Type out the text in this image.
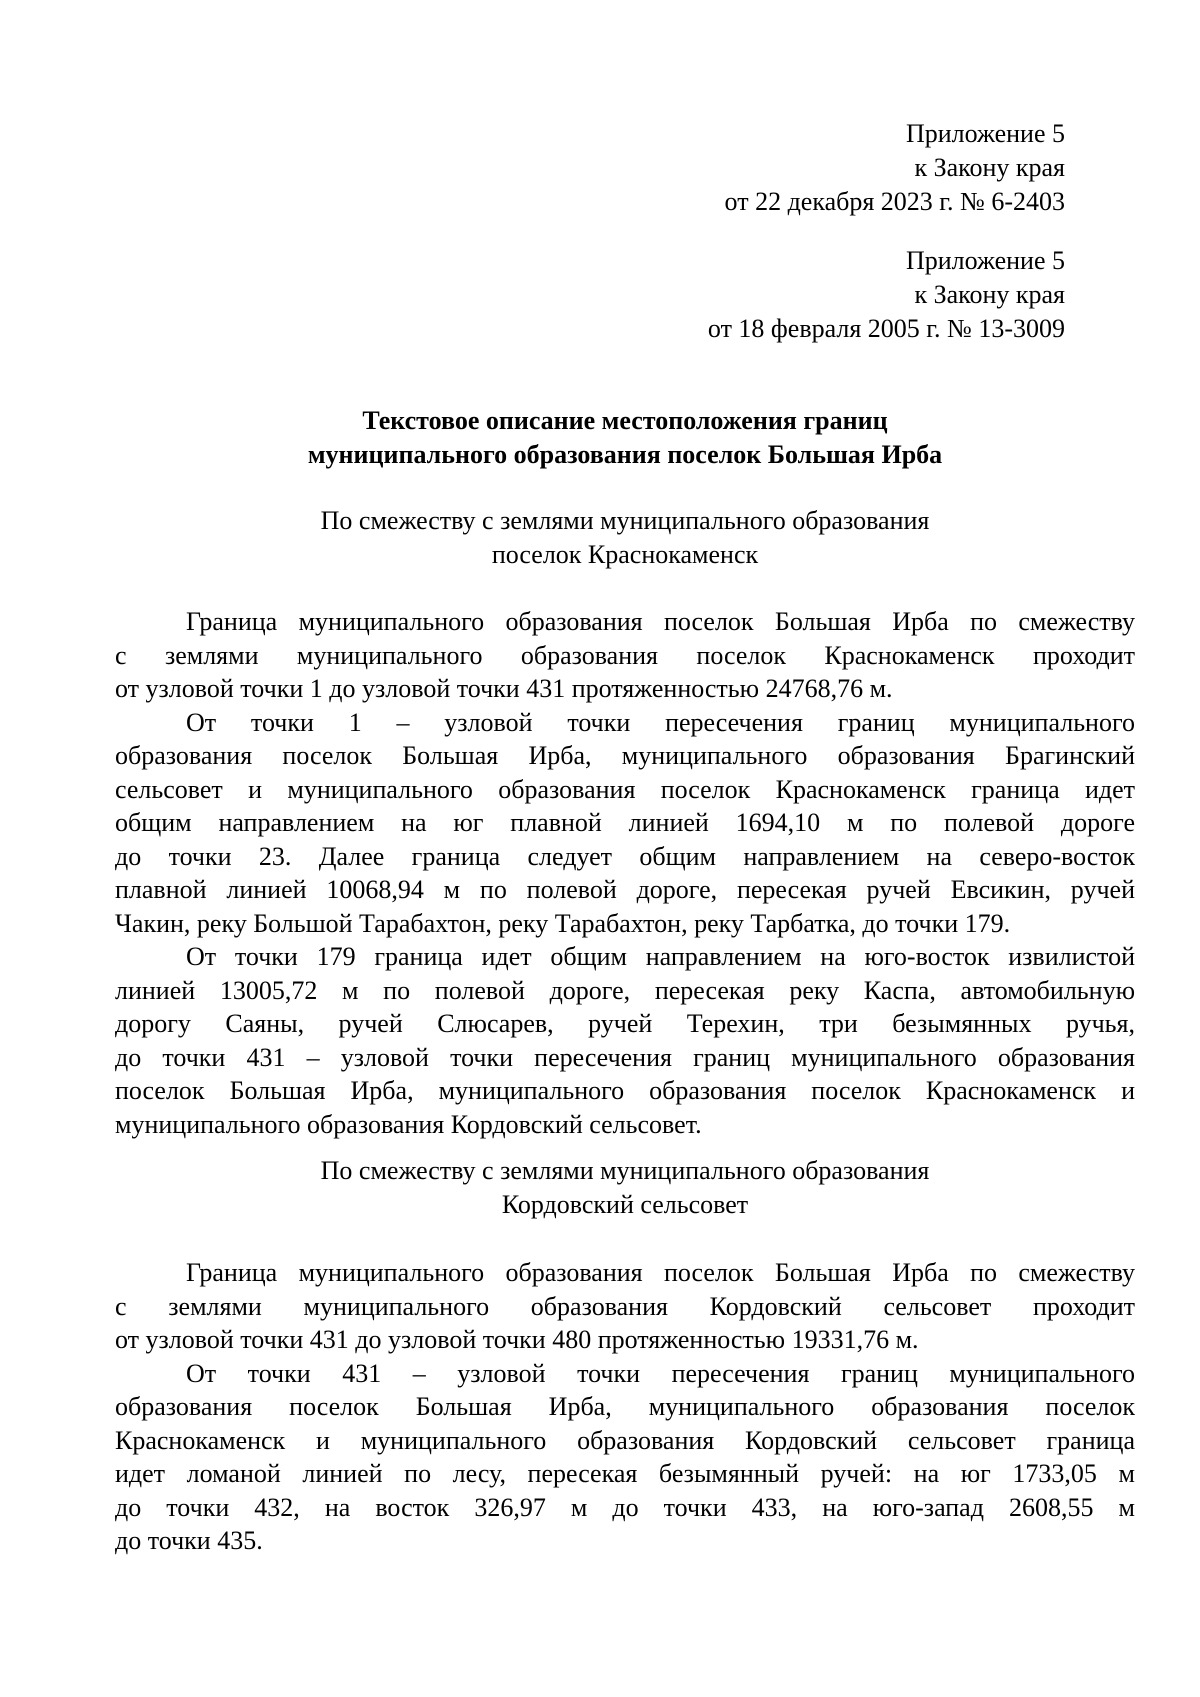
Приложение 5
к Закону края
от 22 декабря 2023 г. № 6-2403
Приложение 5
к Закону края
от 18 февраля 2005 г. № 13-3009
Текстовое описание местоположения границ
муниципального образования поселок Большая Ирба
По смежеству с землями муниципального образования
поселок Краснокаменск
Граница муниципального образования поселок Большая Ирба по смежеству
с землями муниципального образования поселок Краснокаменск проходит
от узловой точки 1 до узловой точки 431 протяженностью 24768,76 м.
От точки 1 – узловой точки пересечения границ муниципального
образования поселок Большая Ирба, муниципального образования Брагинский
сельсовет и муниципального образования поселок Краснокаменск граница идет
общим направлением на юг плавной линией 1694,10 м по полевой дороге
до точки 23. Далее граница следует общим направлением на северо-восток
плавной линией 10068,94 м по полевой дороге, пересекая ручей Евсикин, ручей
Чакин, реку Большой Тарабахтон, реку Тарабахтон, реку Тарбатка, до точки 179.
От точки 179 граница идет общим направлением на юго-восток извилистой
линией 13005,72 м по полевой дороге, пересекая реку Каспа, автомобильную
дорогу Саяны, ручей Слюсарев, ручей Терехин, три безымянных ручья,
до точки 431 – узловой точки пересечения границ муниципального образования
поселок Большая Ирба, муниципального образования поселок Краснокаменск и
муниципального образования Кордовский сельсовет.
По смежеству с землями муниципального образования
Кордовский сельсовет
Граница муниципального образования поселок Большая Ирба по смежеству
с землями муниципального образования Кордовский сельсовет проходит
от узловой точки 431 до узловой точки 480 протяженностью 19331,76 м.
От точки 431 – узловой точки пересечения границ муниципального
образования поселок Большая Ирба, муниципального образования поселок
Краснокаменск и муниципального образования Кордовский сельсовет граница
идет ломаной линией по лесу, пересекая безымянный ручей: на юг 1733,05 м
до точки 432, на восток 326,97 м до точки 433, на юго-запад 2608,55 м
до точки 435.
